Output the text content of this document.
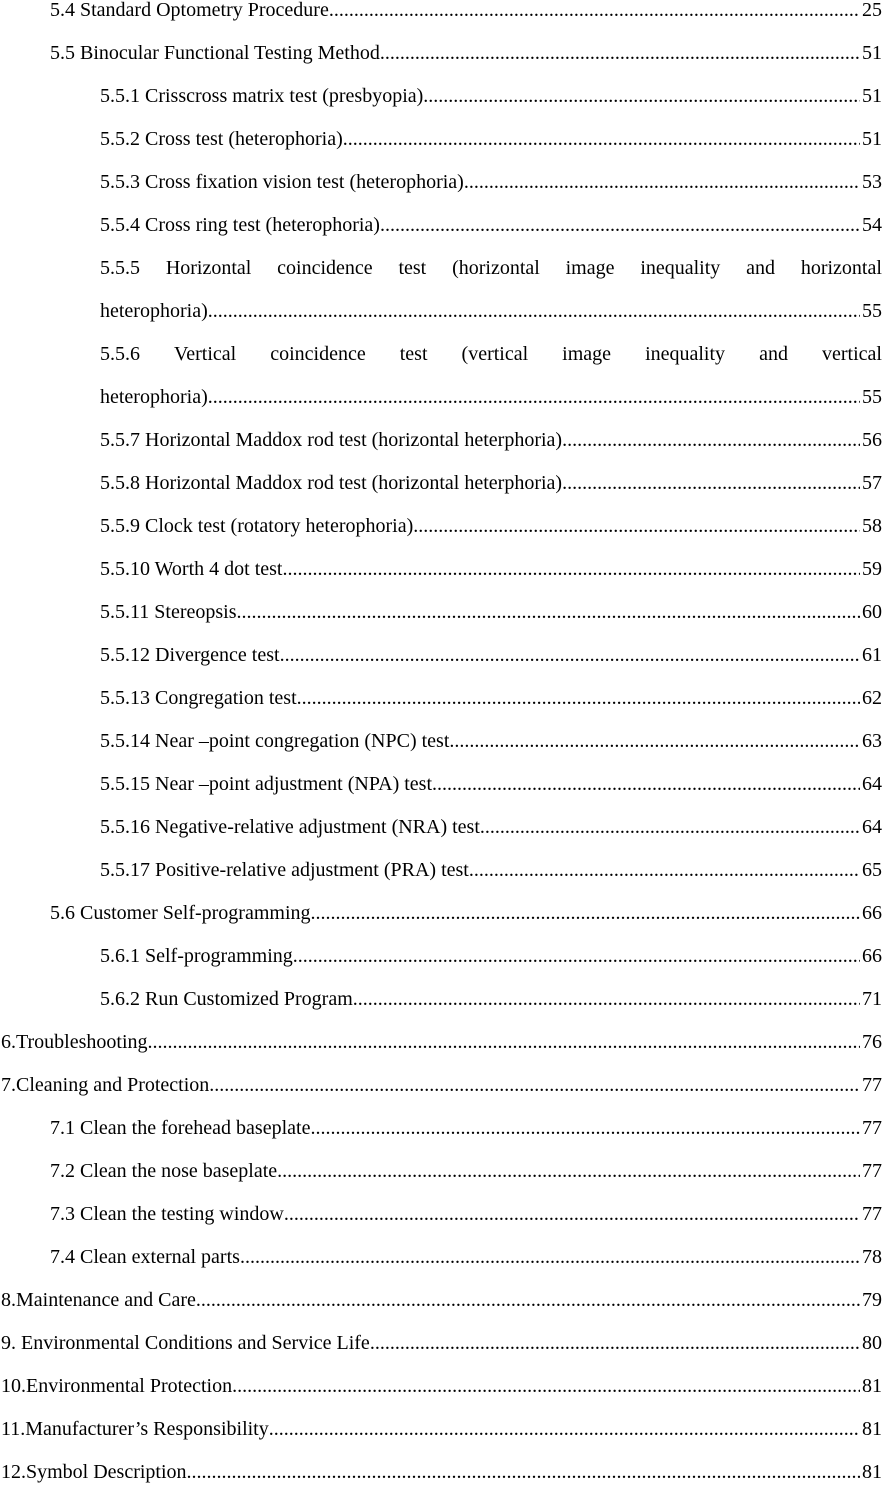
5.4 Standard Optometry Procedure .....	25
5.5 Binocular Functional Testing Method .....	51
5.5.1 Crisscross matrix test (presbyopia) .....	51
5.5.2 Cross test (heterophoria) .....	51
5.5.3 Cross fixation vision test (heterophoria) .....	53
5.5.4 Cross ring test (heterophoria) .....	54
5.5.5 Horizontal coincidence test (horizontal image inequality and horizontal
heterophoria) .....	55
5.5.6 Vertical coincidence test (vertical image inequality and vertical
heterophoria) .....	55
5.5.7 Horizontal Maddox rod test (horizontal heterphoria) .....	56
5.5.8 Horizontal Maddox rod test (horizontal heterphoria) .....	57
5.5.9 Clock test (rotatory heterophoria) .....	58
5.5.10 Worth 4 dot test .....	59
5.5.11 Stereopsis .....	60
5.5.12 Divergence test .....	61
5.5.13 Congregation test .....	62
5.5.14 Near –point congregation (NPC) test .....	63
5.5.15 Near –point adjustment (NPA) test .....	64
5.5.16 Negative-relative adjustment (NRA) test .....	64
5.5.17 Positive-relative adjustment (PRA) test .....	65
5.6 Customer Self-programming .....	66
5.6.1 Self-programming .....	66
5.6.2 Run Customized Program .....	71
6.Troubleshooting .....	76
7.Cleaning and Protection .....	77
7.1 Clean the forehead baseplate .....	77
7.2 Clean the nose baseplate .....	77
7.3 Clean the testing window .....	77
7.4 Clean external parts .....	78
8.Maintenance and Care .....	79
9. Environmental Conditions and Service Life .....	80
10.Environmental Protection .....	81
11.Manufacturer’s Responsibility .....	81
12.Symbol Description .....	81
